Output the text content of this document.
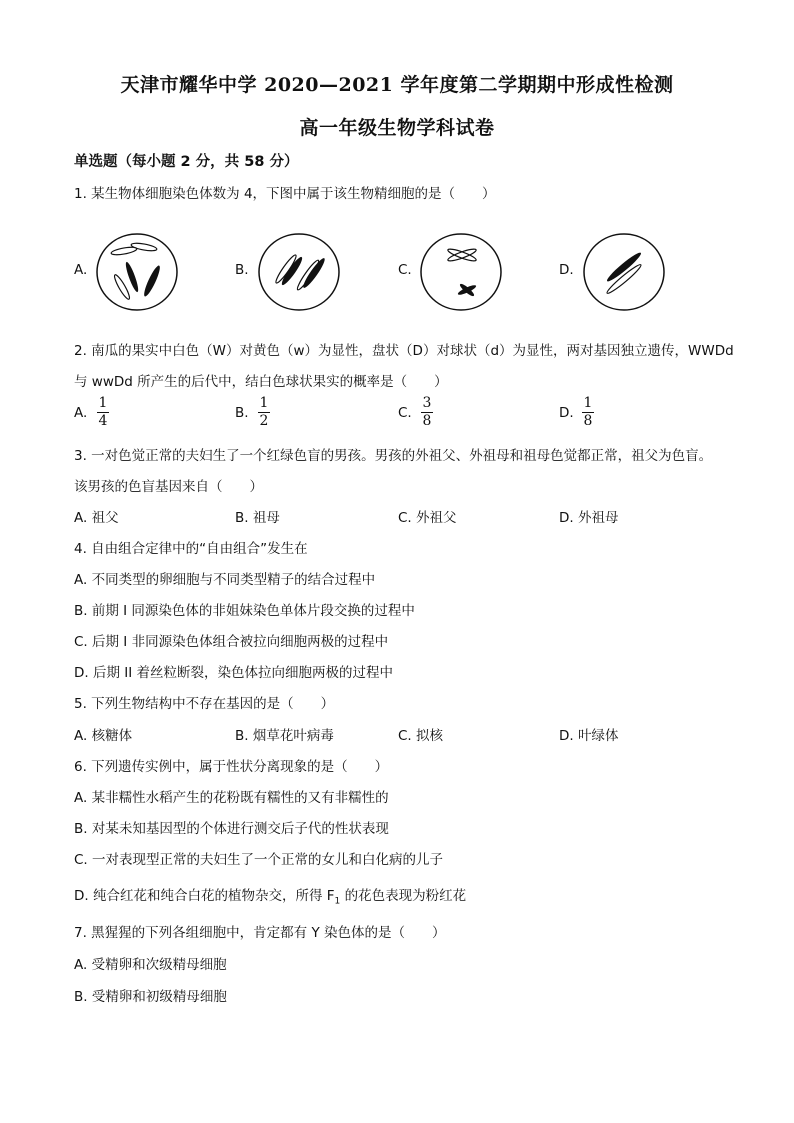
天津市耀华中学 2020—2021 学年度第二学期期中形成性检测
高一年级生物学科试卷
单选题（每小题 2 分，共 58 分）
1. 某生物体细胞染色体数为 4，下图中属于该生物精细胞的是（　　）
A.	B.	C.	D.
2. 南瓜的果实中白色（W）对黄色（w）为显性，盘状（D）对球状（d）为显性，两对基因独立遗传，WWDd
与 wwDd 所产生的后代中，结白色球状果实的概率是（　　）
A.
1
4	B.
1
2	C.
3
8	D.
1
8
3. 一对色觉正常的夫妇生了一个红绿色盲的男孩。男孩的外祖父、外祖母和祖母色觉都正常，祖父为色盲。
该男孩的色盲基因来自（　　）
A. 祖父	B. 祖母	C. 外祖父	D. 外祖母
4. 自由组合定律中的“自由组合”发生在
A. 不同类型的卵细胞与不同类型精子的结合过程中
B. 前期 I 同源染色体的非姐妹染色单体片段交换的过程中
C. 后期 I 非同源染色体组合被拉向细胞两极的过程中
D. 后期 II 着丝粒断裂，染色体拉向细胞两极的过程中
5. 下列生物结构中不存在基因的是（　　）
A. 核糖体	B. 烟草花叶病毒	C. 拟核	D. 叶绿体
6. 下列遗传实例中，属于性状分离现象的是（　　）
A. 某非糯性水稻产生的花粉既有糯性的又有非糯性的
B. 对某未知基因型的个体进行测交后子代的性状表现
C. 一对表现型正常的夫妇生了一个正常的女儿和白化病的儿子
D. 纯合红花和纯合白花的植物杂交，所得 $F_1$ 的花色表现为粉红花
7. 黑猩猩的下列各组细胞中，肯定都有 Y 染色体的是（　　）
A. 受精卵和次级精母细胞
B. 受精卵和初级精母细胞
